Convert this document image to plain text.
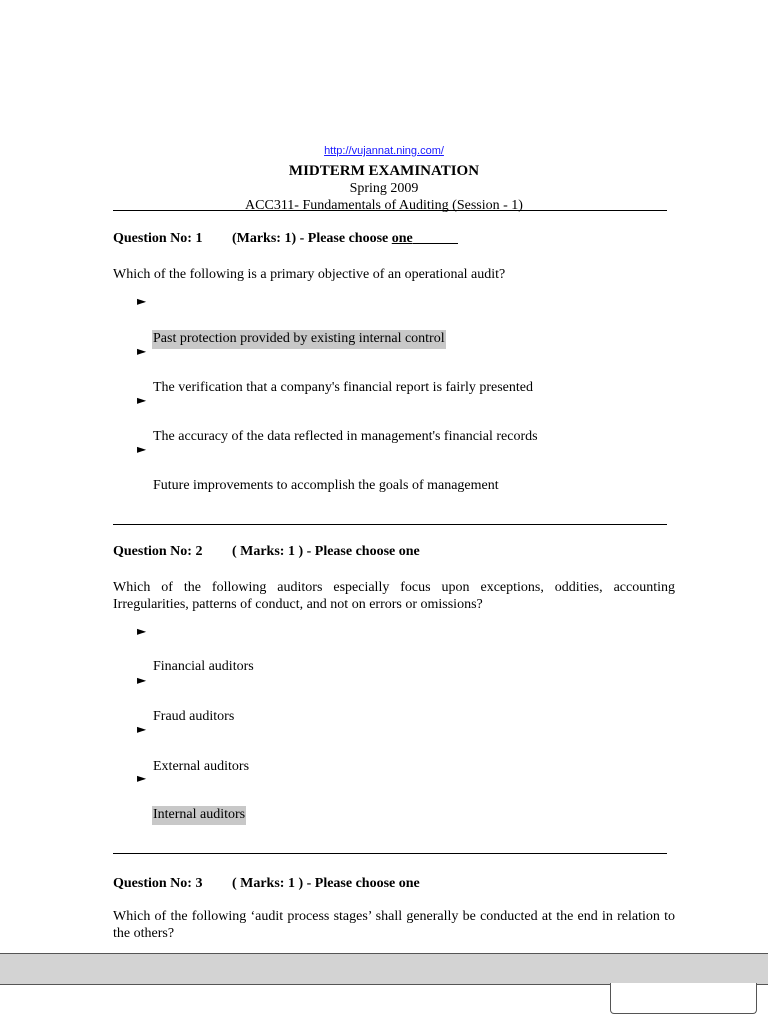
http://vujannat.ning.com/
MIDTERM EXAMINATION
Spring 2009
ACC311- Fundamentals of Auditing (Session - 1)
Question No: 1 (Marks: 1) - Please choose one
Which of the following is a primary objective of an operational audit?
►
Past protection provided by existing internal control
►
The verification that a company's financial report is fairly presented
►
The accuracy of the data reflected in management's financial records
►
Future improvements to accomplish the goals of management
Question No: 2 ( Marks: 1 ) - Please choose one
Which of the following auditors especially focus upon exceptions, oddities, accounting Irregularities, patterns of conduct, and not on errors or omissions?
►
Financial auditors
►
Fraud auditors
►
External auditors
►
Internal auditors
Question No: 3 ( Marks: 1 ) - Please choose one
Which of the following ‘audit process stages’ shall generally be conducted at the end in relation to the others?
